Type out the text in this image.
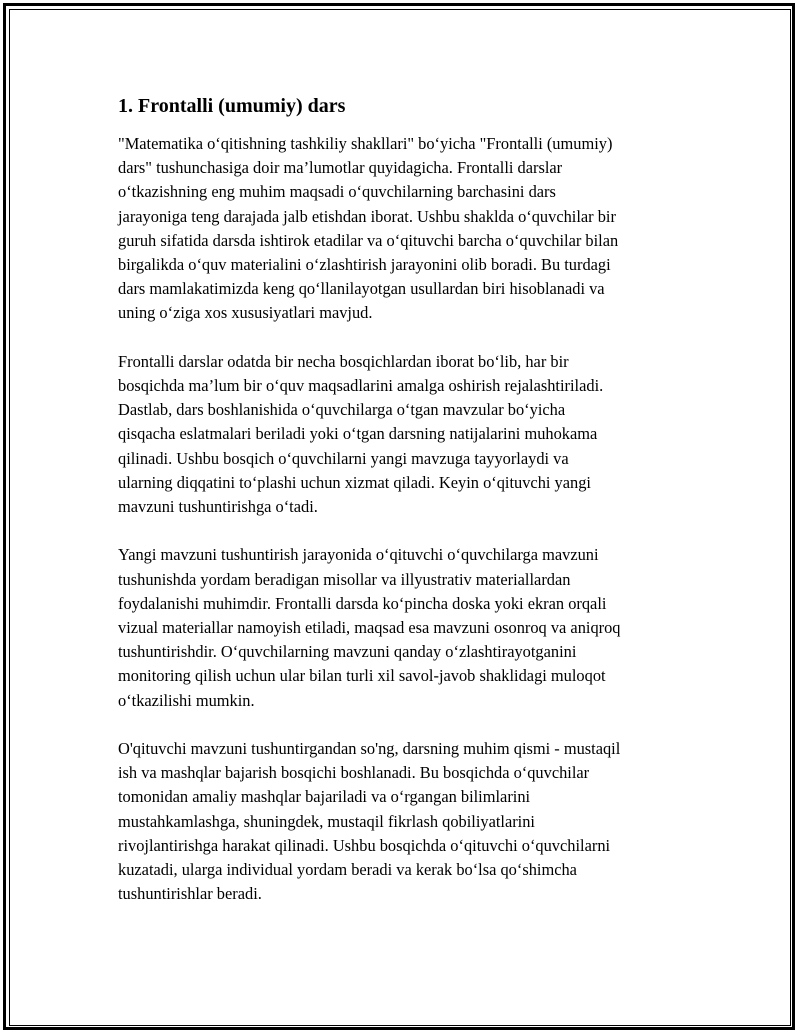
1. Frontalli (umumiy) dars

"Matematika o‘qitishning tashkiliy shakllari" bo‘yicha "Frontalli (umumiy)
dars" tushunchasiga doir ma’lumotlar quyidagicha. Frontalli darslar
o‘tkazishning eng muhim maqsadi o‘quvchilarning barchasini dars
jarayoniga teng darajada jalb etishdan iborat. Ushbu shaklda o‘quvchilar bir
guruh sifatida darsda ishtirok etadilar va o‘qituvchi barcha o‘quvchilar bilan
birgalikda o‘quv materialini o‘zlashtirish jarayonini olib boradi. Bu turdagi
dars mamlakatimizda keng qo‘llanilayotgan usullardan biri hisoblanadi va
uning o‘ziga xos xususiyatlari mavjud.

Frontalli darslar odatda bir necha bosqichlardan iborat bo‘lib, har bir
bosqichda ma’lum bir o‘quv maqsadlarini amalga oshirish rejalashtiriladi.
Dastlab, dars boshlanishida o‘quvchilarga o‘tgan mavzular bo‘yicha
qisqacha eslatmalari beriladi yoki o‘tgan darsning natijalarini muhokama
qilinadi. Ushbu bosqich o‘quvchilarni yangi mavzuga tayyorlaydi va
ularning diqqatini to‘plashi uchun xizmat qiladi. Keyin o‘qituvchi yangi
mavzuni tushuntirishga o‘tadi.

Yangi mavzuni tushuntirish jarayonida o‘qituvchi o‘quvchilarga mavzuni
tushunishda yordam beradigan misollar va illyustrativ materiallardan
foydalanishi muhimdir. Frontalli darsda ko‘pincha doska yoki ekran orqali
vizual materiallar namoyish etiladi, maqsad esa mavzuni osonroq va aniqroq
tushuntirishdir. O‘quvchilarning mavzuni qanday o‘zlashtirayotganini
monitoring qilish uchun ular bilan turli xil savol-javob shaklidagi muloqot
o‘tkazilishi mumkin.

O'qituvchi mavzuni tushuntirgandan so'ng, darsning muhim qismi - mustaqil
ish va mashqlar bajarish bosqichi boshlanadi. Bu bosqichda o‘quvchilar
tomonidan amaliy mashqlar bajariladi va o‘rgangan bilimlarini
mustahkamlashga, shuningdek, mustaqil fikrlash qobiliyatlarini
rivojlantirishga harakat qilinadi. Ushbu bosqichda o‘qituvchi o‘quvchilarni
kuzatadi, ularga individual yordam beradi va kerak bo‘lsa qo‘shimcha
tushuntirishlar beradi.
